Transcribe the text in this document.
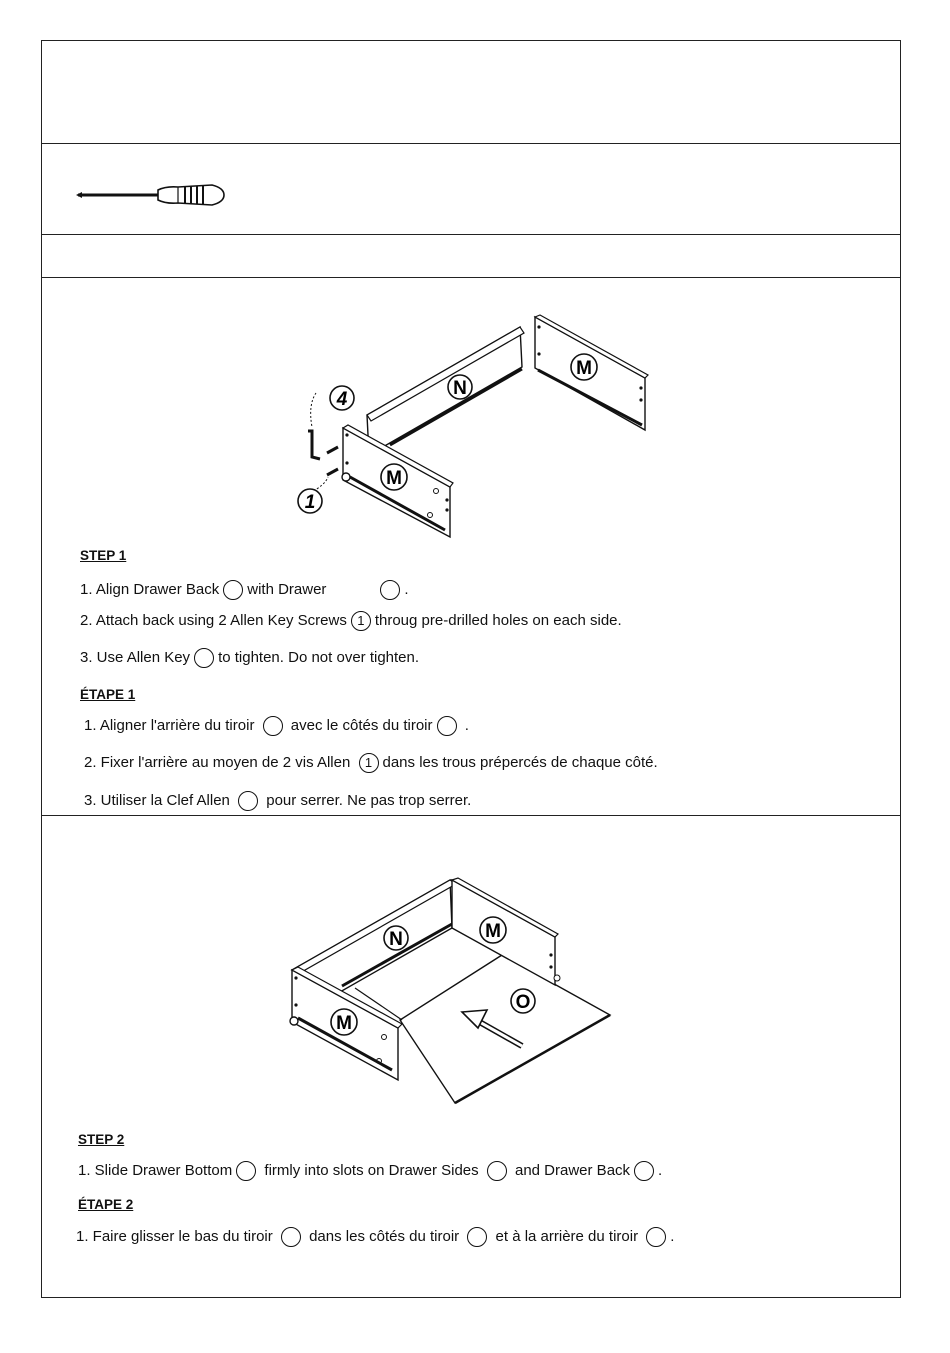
N
M
M
4
1
STEP 1
1. Align Drawer Back with Drawer	.
2. Attach back using 2 Allen Key Screws 1 throug pre-drilled holes on each side.
3. Use Allen Key to tighten. Do not over tighten.
ÉTAPE 1
1. Aligner l'arrière du tiroir avec le côtés du tiroir .
2. Fixer l'arrière au moyen de 2 vis Allen 1 dans les trous prépercés de chaque côté.
3. Utiliser la Clef Allen pour serrer. Ne pas trop serrer.
N	M
M
O
STEP 2
1. Slide Drawer Bottom firmly into slots on Drawer Sides and Drawer Back .
ÉTAPE 2
1. Faire glisser le bas du tiroir dans les côtés du tiroir et à la arrière du tiroir .
